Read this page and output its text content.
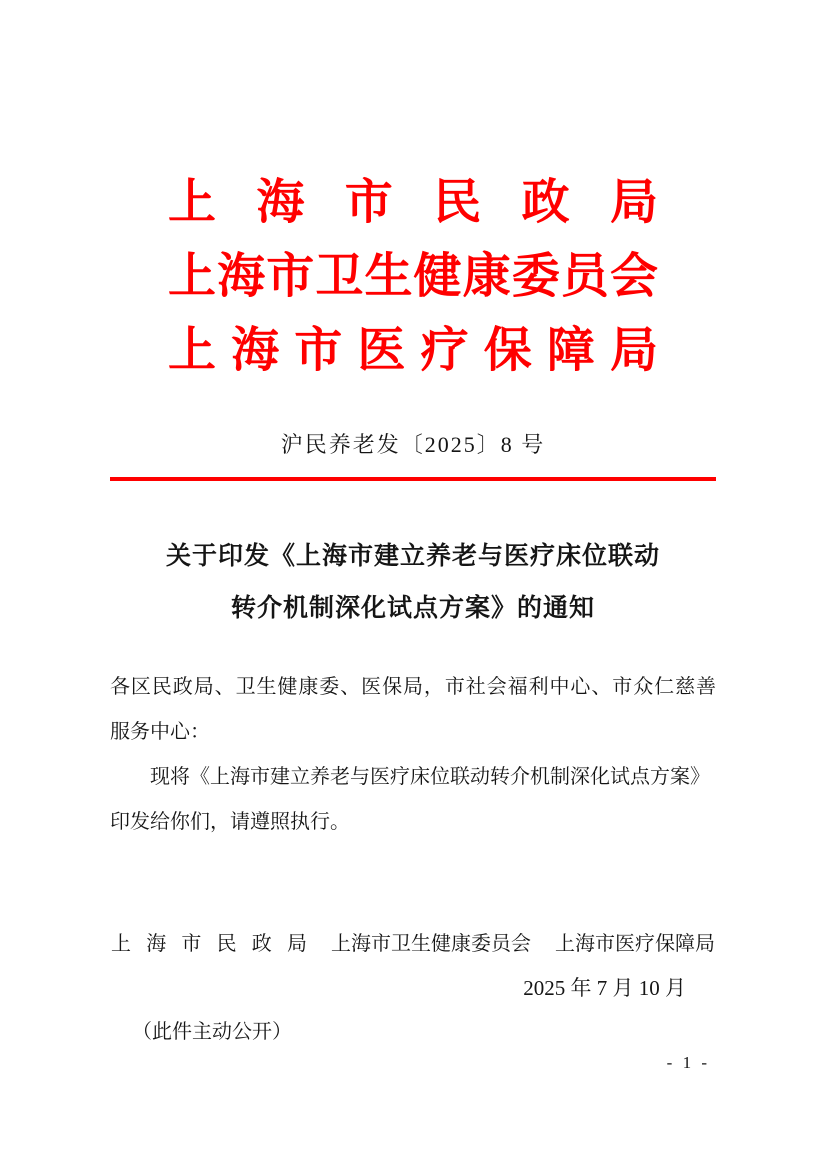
上海市民政局
上海市卫生健康委员会
上海市医疗保障局
沪民养老发〔2025〕8 号
关于印发《上海市建立养老与医疗床位联动
转介机制深化试点方案》的通知
各区民政局、卫生健康委、医保局，市社会福利中心、市众仁慈善
服务中心：
现将《上海市建立养老与医疗床位联动转介机制深化试点方案》
印发给你们，请遵照执行。
上海市民政局 上海市卫生健康委员会 上海市医疗保障局
2025 年 7 月 10 月
（此件主动公开）
- 1 -
